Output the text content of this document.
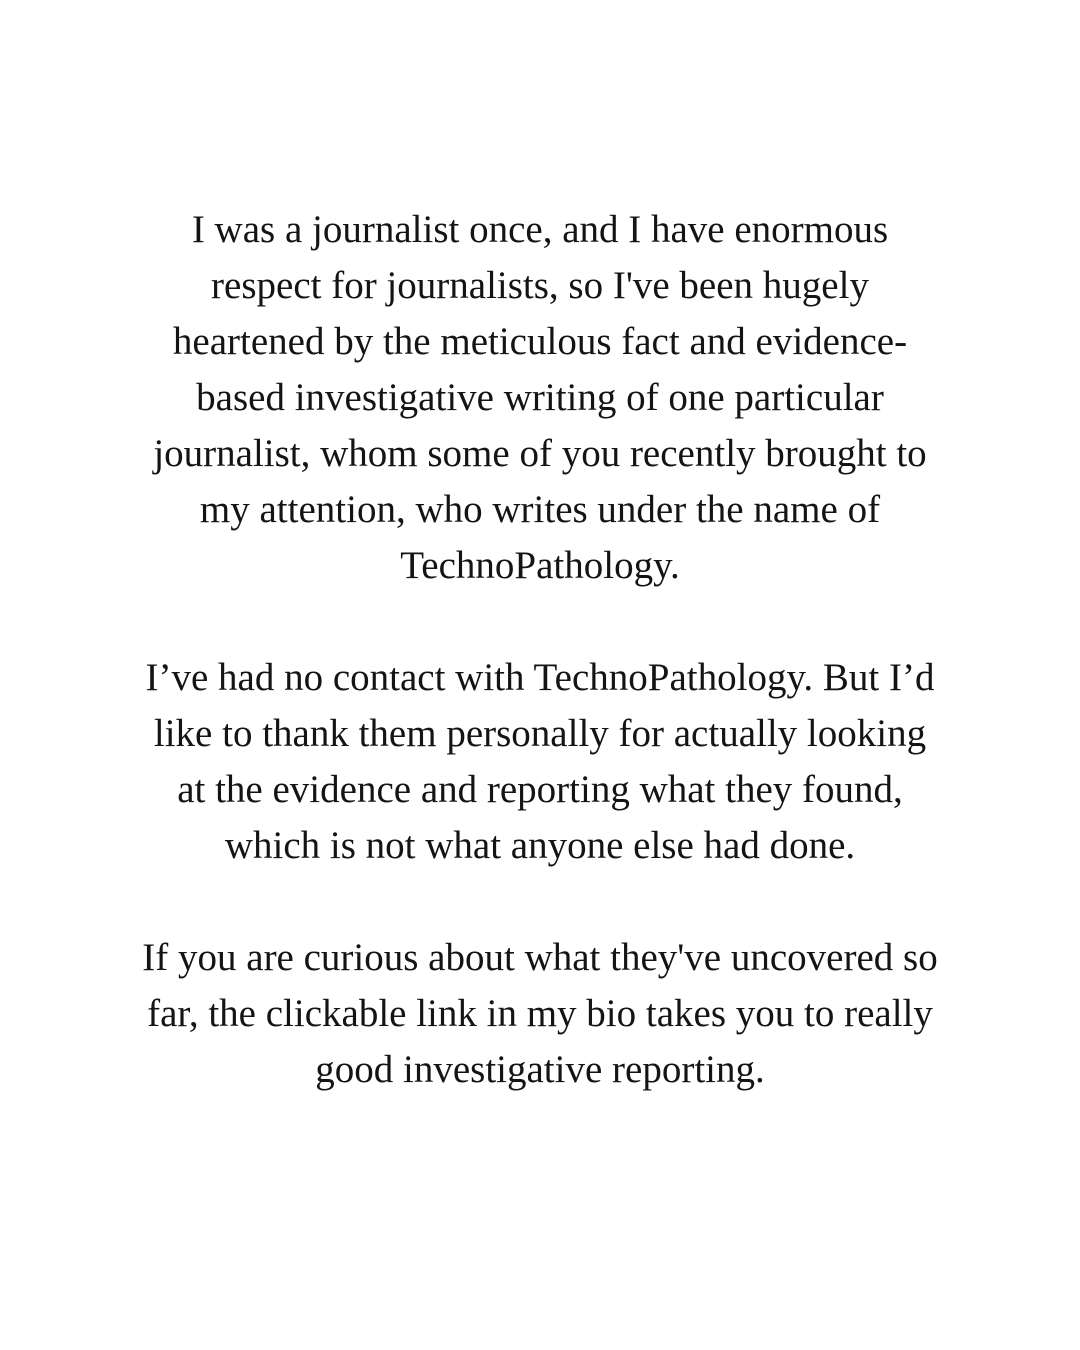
I was a journalist once, and I have enormous
respect for journalists, so I've been hugely
heartened by the meticulous fact and evidence-
based investigative writing of one particular
journalist, whom some of you recently brought to
my attention, who writes under the name of
TechnoPathology.

I’ve had no contact with TechnoPathology. But I’d
like to thank them personally for actually looking
at the evidence and reporting what they found,
which is not what anyone else had done.

If you are curious about what they've uncovered so
far, the clickable link in my bio takes you to really
good investigative reporting.
